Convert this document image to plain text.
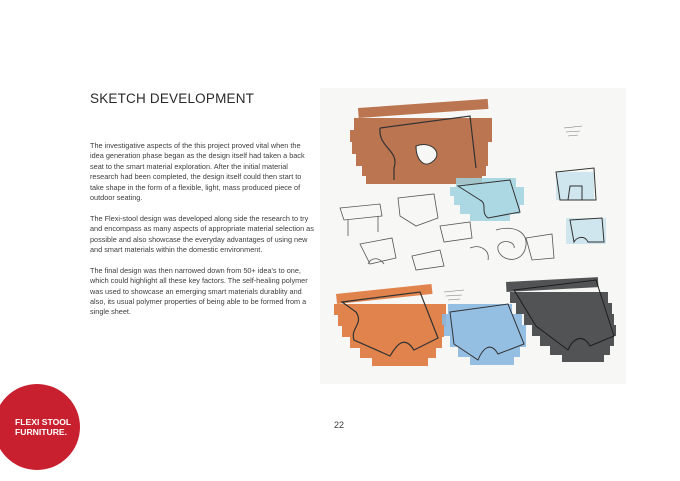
SKETCH DEVELOPMENT

The investigative aspects of the this project proved vital when the idea generation phase began as the design itself had taken a back seat to the smart material exploration. After the initial material research had been completed, the design itself could then start to take shape in the form of a flexible, light, mass produced piece of outdoor seating.

The Flexi-stool design was developed along side the research to try and encompass as many aspects of appropriate material selection as possible and also showcase the everyday advantages of using new and smart materials within the domestic environment.

The final design was then narrowed down from 50+ idea's to one, which could highlight all these key factors. The self-healing polymer was used to showcase an emerging smart materials durablity and also, its usual polymer properties of being able to be formed from a single sheet.

22
FLEXI STOOL
FURNITURE.
